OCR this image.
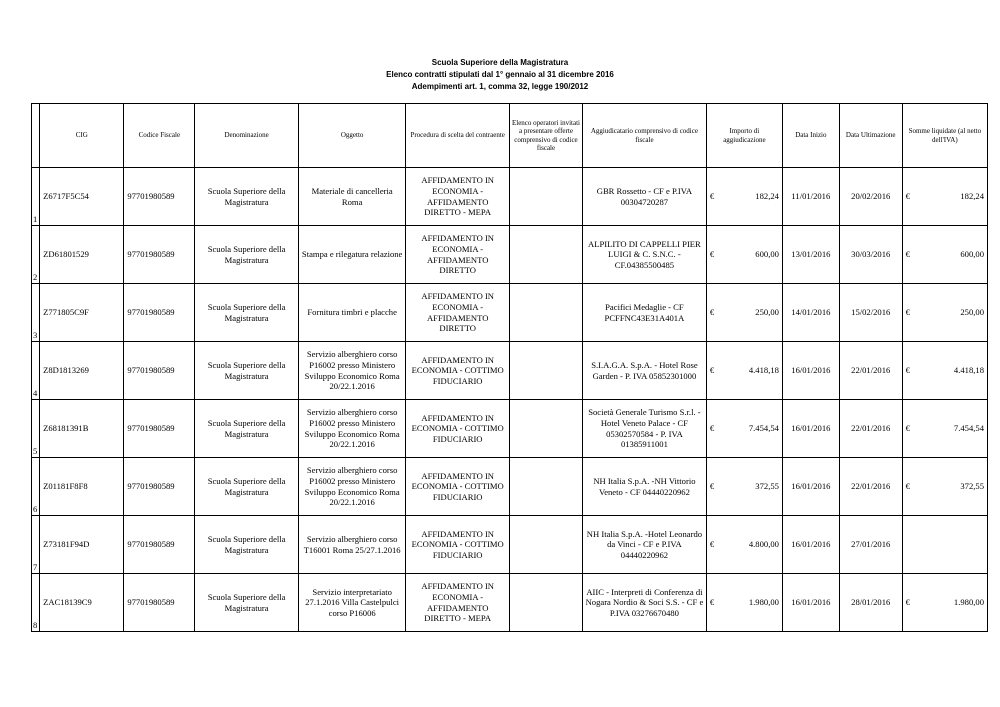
Scuola Superiore della Magistratura
Elenco contratti stipulati dal 1° gennaio al 31 dicembre 2016
Adempimenti art. 1, comma 32, legge 190/2012
	CIG	Codice Fiscale	Denominazione	Oggetto	Procedura di scelta del contraente	Elenco operatori invitati a presentare offerte comprensivo di codice fiscale	Aggiudicatario comprensivo di codice fiscale	Importo di aggiudicazione	Data Inizio	Data Ultimazione	Somme liquidate (al netto dell'IVA)
1	Z6717F5C54	97701980589	Scuola Superiore della Magistratura	Materiale di cancelleria Roma	AFFIDAMENTO IN ECONOMIA - AFFIDAMENTO DIRETTO - MEPA		GBR Rossetto - CF e P.IVA 00304720287	€ 182,24	11/01/2016	20/02/2016	€ 182,24

2	ZD61801529	97701980589	Scuola Superiore della Magistratura	Stampa e rilegatura relazione	AFFIDAMENTO IN ECONOMIA - AFFIDAMENTO DIRETTO		ALPILITO DI CAPPELLI PIER LUIGI & C. S.N.C. - CF.04385500485	€ 600,00	13/01/2016	30/03/2016	€ 600,00

3	Z771805C9F	97701980589	Scuola Superiore della Magistratura	Fornitura timbri e placche	AFFIDAMENTO IN ECONOMIA - AFFIDAMENTO DIRETTO		Pacifici Medaglie - CF PCFFNC43E31A401A	€ 250,00	14/01/2016	15/02/2016	€ 250,00

4	Z8D1813269	97701980589	Scuola Superiore della Magistratura	Servizio alberghiero corso P16002 presso Ministero Sviluppo Economico Roma 20/22.1.2016	AFFIDAMENTO IN ECONOMIA - COTTIMO FIDUCIARIO		S.I.A.G.A. S.p.A. - Hotel Rose Garden - P. IVA 05852301000	€ 4.418,18	16/01/2016	22/01/2016	€ 4.418,18

5	Z68181391B	97701980589	Scuola Superiore della Magistratura	Servizio alberghiero corso P16002 presso Ministero Sviluppo Economico Roma 20/22.1.2016	AFFIDAMENTO IN ECONOMIA - COTTIMO FIDUCIARIO		Società Generale Turismo S.r.l. - Hotel Veneto Palace - CF 05302570584 - P. IVA 01385911001	€ 7.454,54	16/01/2016	22/01/2016	€ 7.454,54

6	Z01181F8F8	97701980589	Scuola Superiore della Magistratura	Servizio alberghiero corso P16002 presso Ministero Sviluppo Economico Roma 20/22.1.2016	AFFIDAMENTO IN ECONOMIA - COTTIMO FIDUCIARIO		NH Italia S.p.A. -NH Vittorio Veneto - CF 04440220962	€ 372,55	16/01/2016	22/01/2016	€ 372,55

7	Z73181F94D	97701980589	Scuola Superiore della Magistratura	Servizio alberghiero corso T16001 Roma 25/27.1.2016	AFFIDAMENTO IN ECONOMIA - COTTIMO FIDUCIARIO		NH Italia S.p.A. -Hotel Leonardo da Vinci - CF e P.IVA 04440220962	€ 4.800,00	16/01/2016	27/01/2016	

8	ZAC18139C9	97701980589	Scuola Superiore della Magistratura	Servizio interpretariato 27.1.2016 Villa Castelpulci corso P16006	AFFIDAMENTO IN ECONOMIA - AFFIDAMENTO DIRETTO - MEPA		AIIC - Interpreti di Conferenza di Nogara Nordio & Soci S.S. - CF e P.IVA 03276670480	€ 1.980,00	16/01/2016	28/01/2016	€ 1.980,00
